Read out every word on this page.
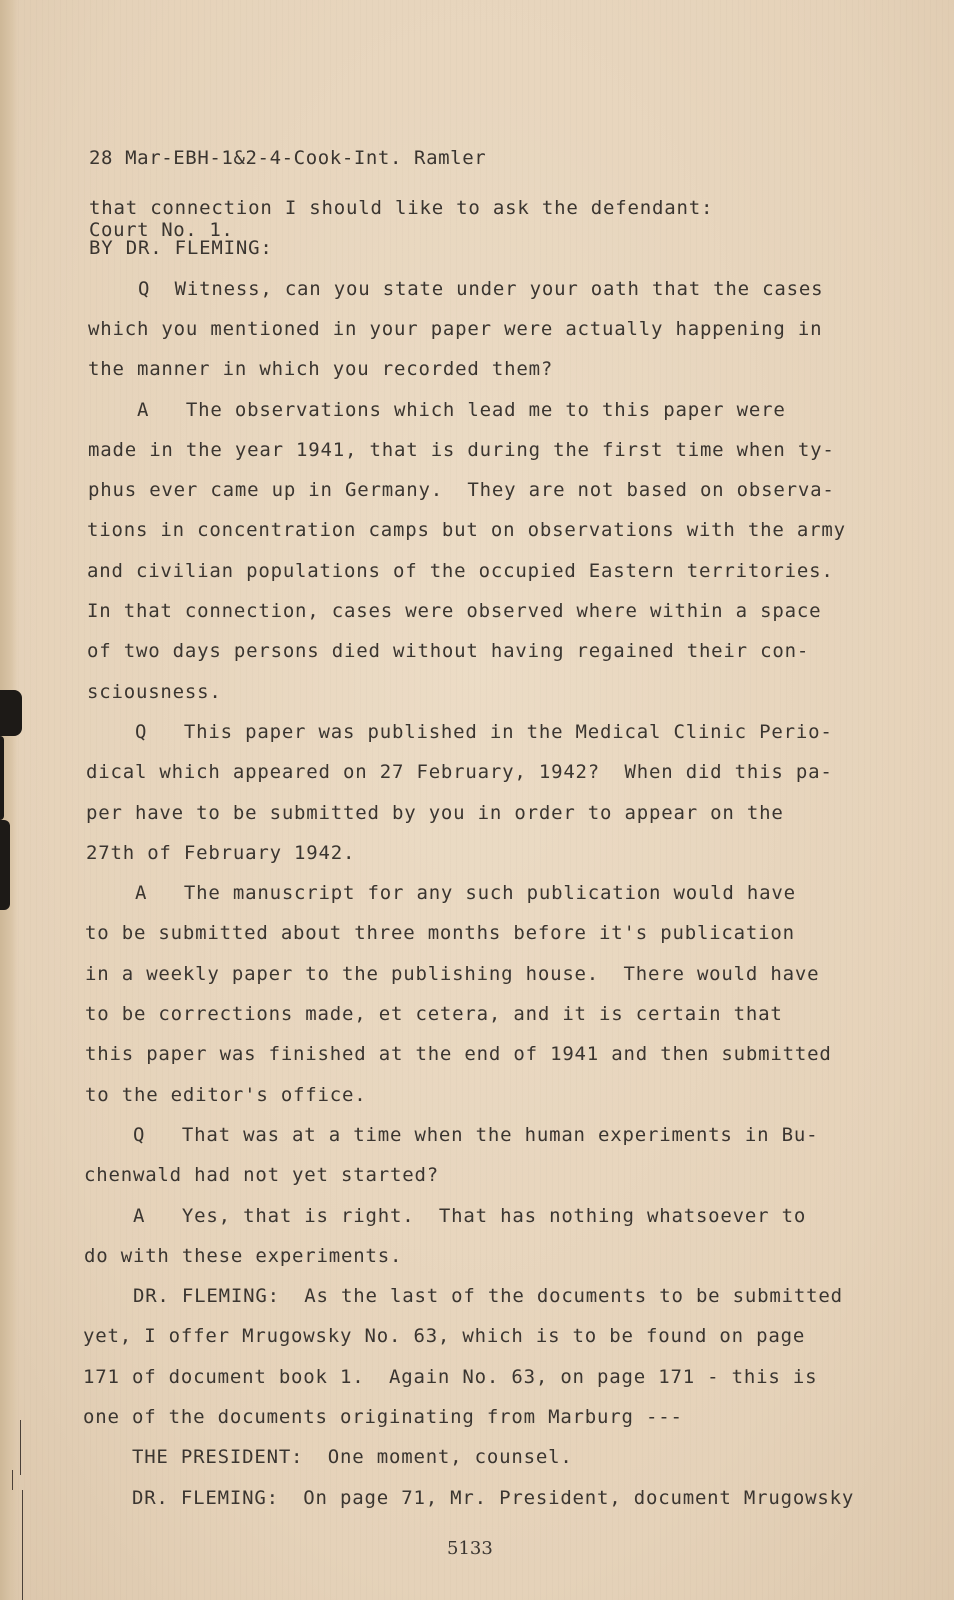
28 Mar-EBH-1&2-4-Cook-Int. Ramler

Court No. 1.

that connection I should like to ask the defendant:
BY DR. FLEMING:
Q  Witness, can you state under your oath that the cases
which you mentioned in your paper were actually happening in
the manner in which you recorded them?
A   The observations which lead me to this paper were
made in the year 1941, that is during the first time when ty-
phus ever came up in Germany.  They are not based on observa-
tions in concentration camps but on observations with the army
and civilian populations of the occupied Eastern territories.
In that connection, cases were observed where within a space
of two days persons died without having regained their con-
sciousness.
Q   This paper was published in the Medical Clinic Perio-
dical which appeared on 27 February, 1942?  When did this pa-
per have to be submitted by you in order to appear on the
27th of February 1942.
A   The manuscript for any such publication would have
to be submitted about three months before it's publication
in a weekly paper to the publishing house.  There would have
to be corrections made, et cetera, and it is certain that
this paper was finished at the end of 1941 and then submitted
to the editor's office.
Q   That was at a time when the human experiments in Bu-
chenwald had not yet started?
A   Yes, that is right.  That has nothing whatsoever to
do with these experiments.
DR. FLEMING:  As the last of the documents to be submitted
yet, I offer Mrugowsky No. 63, which is to be found on page
171 of document book 1.  Again No. 63, on page 171 - this is
one of the documents originating from Marburg ---
THE PRESIDENT:  One moment, counsel.
DR. FLEMING:  On page 71, Mr. President, document Mrugowsky
5133
